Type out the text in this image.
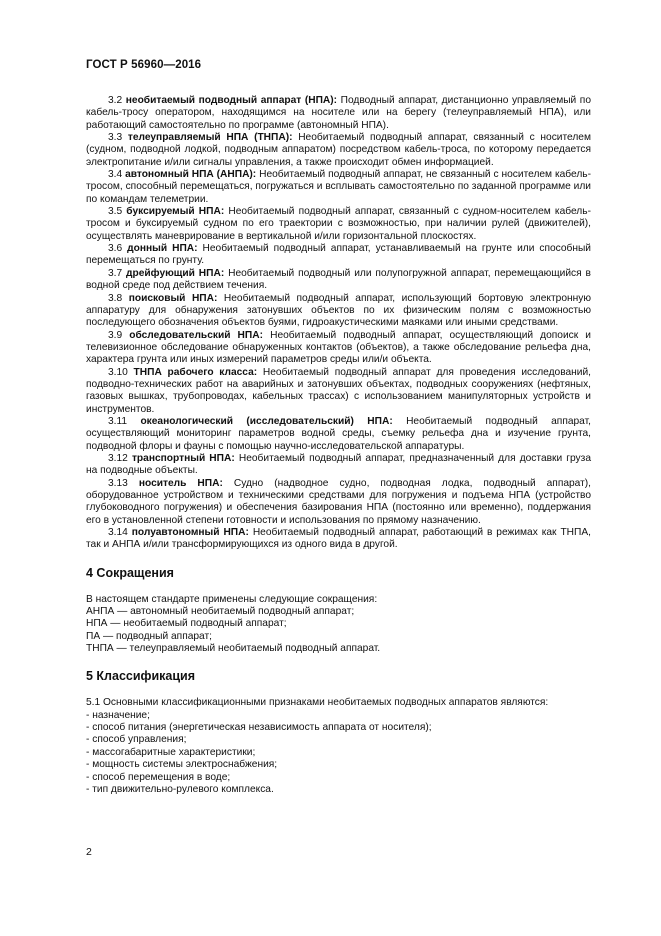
ГОСТ Р 56960—2016

3.2 необитаемый подводный аппарат (НПА): Подводный аппарат, дистанционно управляемый по кабель-тросу оператором, находящимся на носителе или на берегу (телеуправляемый НПА), или работающий самостоятельно по программе (автономный НПА).

3.3 телеуправляемый НПА (ТНПА): Необитаемый подводный аппарат, связанный с носителем (судном, подводной лодкой, подводным аппаратом) посредством кабель-троса, по которому передается электропитание и/или сигналы управления, а также происходит обмен информацией.

3.4 автономный НПА (АНПА): Необитаемый подводный аппарат, не связанный с носителем кабель-тросом, способный перемещаться, погружаться и всплывать самостоятельно по заданной программе или по командам телеметрии.

3.5 буксируемый НПА: Необитаемый подводный аппарат, связанный с судном-носителем кабель-тросом и буксируемый судном по его траектории с возможностью, при наличии рулей (движителей), осуществлять маневрирование в вертикальной и/или горизонтальной плоскостях.

3.6 донный НПА: Необитаемый подводный аппарат, устанавливаемый на грунте или способный перемещаться по грунту.

3.7 дрейфующий НПА: Необитаемый подводный или полупогружной аппарат, перемещающийся в водной среде под действием течения.

3.8 поисковый НПА: Необитаемый подводный аппарат, использующий бортовую электронную аппаратуру для обнаружения затонувших объектов по их физическим полям с возможностью последующего обозначения объектов буями, гидроакустическими маяками или иными средствами.

3.9 обследовательский НПА: Необитаемый подводный аппарат, осуществляющий допоиск и телевизионное обследование обнаруженных контактов (объектов), а также обследование рельефа дна, характера грунта или иных измерений параметров среды или/и объекта.

3.10 ТНПА рабочего класса: Необитаемый подводный аппарат для проведения исследований, подводно-технических работ на аварийных и затонувших объектах, подводных сооружениях (нефтяных, газовых вышках, трубопроводах, кабельных трассах) с использованием манипуляторных устройств и инструментов.

3.11 океанологический (исследовательский) НПА: Необитаемый подводный аппарат, осуществляющий мониторинг параметров водной среды, съемку рельефа дна и изучение грунта, подводной флоры и фауны с помощью научно-исследовательской аппаратуры.

3.12 транспортный НПА: Необитаемый подводный аппарат, предназначенный для доставки груза на подводные объекты.

3.13 носитель НПА: Судно (надводное судно, подводная лодка, подводный аппарат), оборудованное устройством и техническими средствами для погружения и подъема НПА (устройство глубоководного погружения) и обеспечения базирования НПА (постоянно или временно), поддержания его в установленной степени готовности и использования по прямому назначению.

3.14 полуавтономный НПА: Необитаемый подводный аппарат, работающий в режимах как ТНПА, так и АНПА и/или трансформирующихся из одного вида в другой.

4 Сокращения

В настоящем стандарте применены следующие сокращения:

АНПА — автономный необитаемый подводный аппарат;

НПА — необитаемый подводный аппарат;

ПА — подводный аппарат;

ТНПА — телеуправляемый необитаемый подводный аппарат.

5 Классификация

5.1 Основными классификационными признаками необитаемых подводных аппаратов являются:

- назначение;

- способ питания (энергетическая независимость аппарата от носителя);

- способ управления;

- массогабаритные характеристики;

- мощность системы электроснабжения;

- способ перемещения в воде;

- тип движительно-рулевого комплекса.

2
